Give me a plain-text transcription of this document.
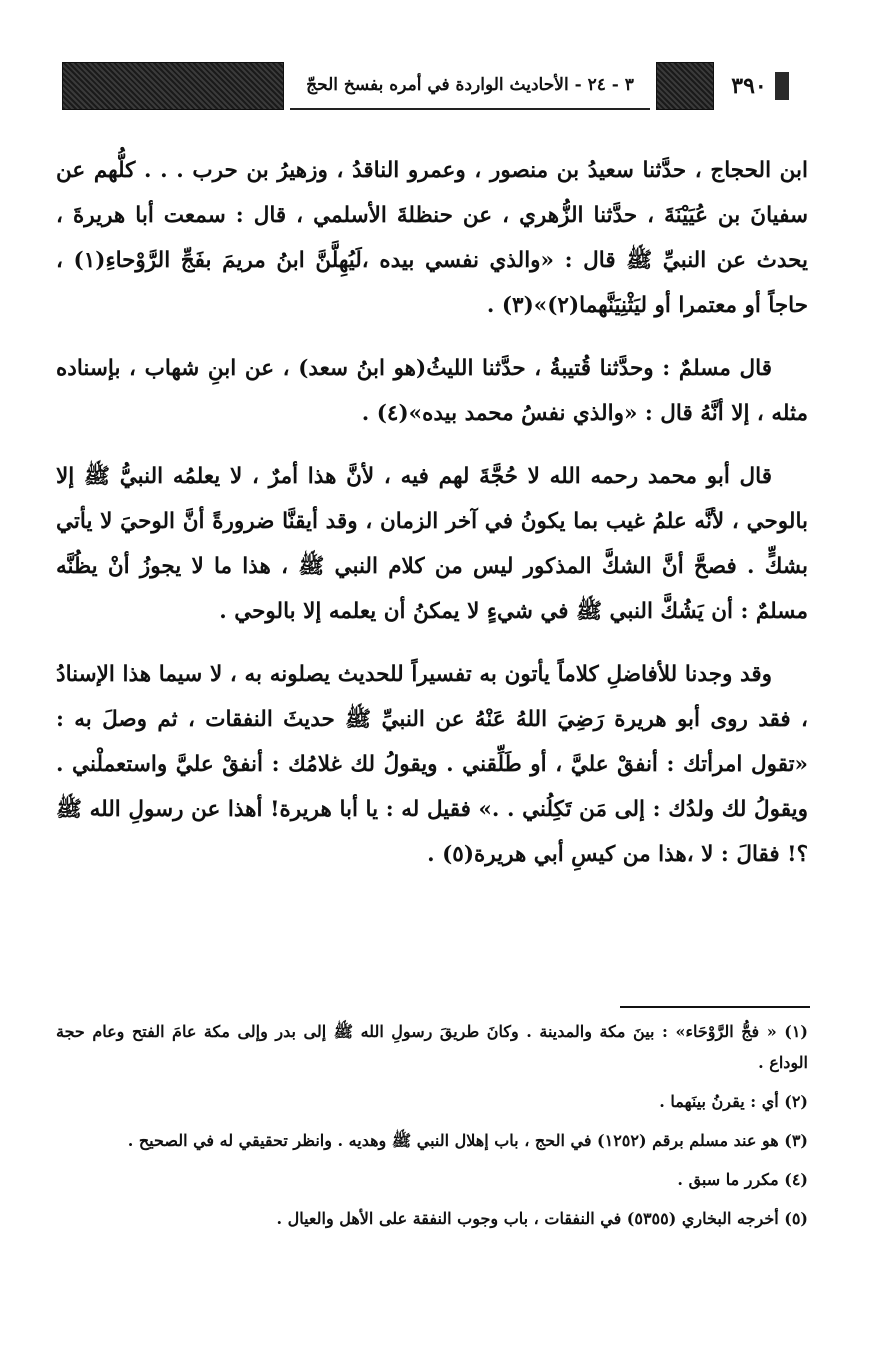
٣٩٠
٣ - ٢٤ - الأحاديث الواردة في أمره بفسخ الحجّ

ابن الحجاج ، حدَّثنا سعيدُ بن منصور ، وعمرو الناقدُ ، وزهيرُ بن حرب . . . كلُّهم عن سفيانَ بن عُيَيْنَةَ ، حدَّثنا الزُّهري ، عن حنظلةَ الأسلمي ، قال : سمعت أبا هريرةَ ، يحدث عن النبيِّ ﷺ قال : «والذي نفسي بيده ،لَيُهِلَّنَّ ابنُ مريمَ بفَجِّ الرَّوْحاءِ(١) ، حاجاً أو معتمرا أو ليَثْنِيَنَّهما(٢)»(٣) .

قال مسلمٌ : وحدَّثنا قُتيبةُ ، حدَّثنا الليثُ(هو ابنُ سعد) ، عن ابنِ شهاب ، بإسناده مثله ، إلا أنَّهُ قال : «والذي نفسُ محمد بيده»(٤) .

قال أبو محمد رحمه الله لا حُجَّةَ لهم فيه ، لأنَّ هذا أمرٌ ، لا يعلمُه النبيُّ ﷺ إلا بالوحي ، لأنَّه علمُ غيب بما يكونُ في آخر الزمان ، وقد أيقنَّا ضرورةً أنَّ الوحيَ لا يأتي بشكٍّ . فصحَّ أنَّ الشكَّ المذكور ليس من كلام النبي ﷺ ، هذا ما لا يجوزُ أنْ يظُنَّه مسلمٌ : أن يَشُكَّ النبي ﷺ في شيءٍ لا يمكنُ أن يعلمه إلا بالوحي .

وقد وجدنا للأفاضلِ كلاماً يأتون به تفسيراً للحديث يصلونه به ، لا سيما هذا الإسنادُ ، فقد روى أبو هريرة رَضِيَ اللهُ عَنْهُ عن النبيِّ ﷺ حديثَ النفقات ، ثم وصلَ به : «تقول امرأتك : أنفقْ عليَّ ، أو طَلِّقني . ويقولُ لك غلامُك : أنفقْ عليَّ واستعملْني . ويقولُ لك ولدُك : إلى مَن تَكِلُني . .» فقيل له : يا أبا هريرة! أهذا عن رسولِ الله ﷺ ؟! فقالَ : لا ،هذا من كيسِ أبي هريرة(٥) .

(١) « فجُّ الرَّوْحَاء» : بينَ مكة والمدينة . وكانَ طريقَ رسولِ الله ﷺ إلى بدر وإلى مكة عامَ الفتح وعام حجة الوداع .

(٢) أي : يقرنُ بينَهما .

(٣) هو عند مسلم برقم (١٢٥٢) في الحج ، باب إهلال النبي ﷺ وهديه . وانظر تحقيقي له في الصحيح .

(٤) مكرر ما سبق .

(٥) أخرجه البخاري (٥٣٥٥) في النفقات ، باب وجوب النفقة على الأهل والعيال .
